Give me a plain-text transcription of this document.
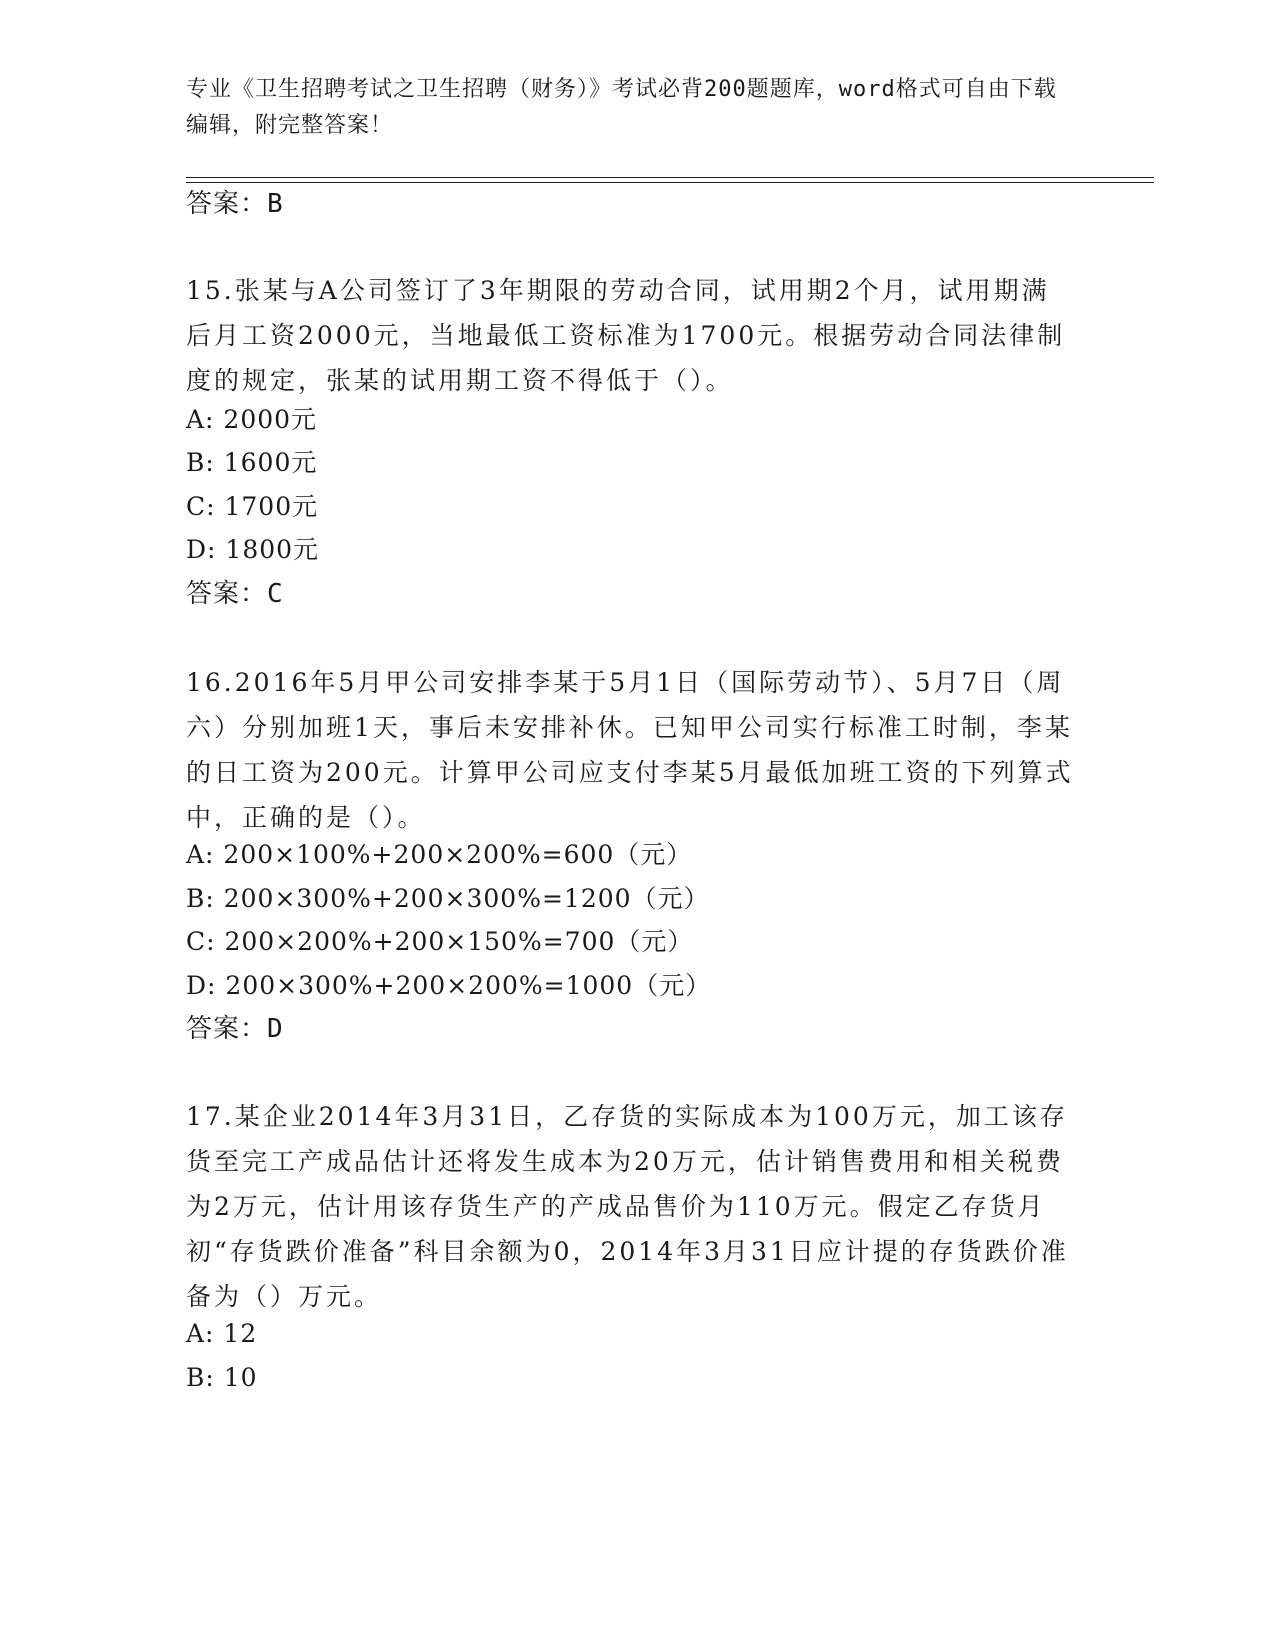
专业《卫生招聘考试之卫生招聘（财务）》考试必背200题题库，word格式可自由下载编辑，附完整答案！

答案：B

15.张某与A公司签订了3年期限的劳动合同，试用期2个月，试用期满后月工资2000元，当地最低工资标准为1700元。根据劳动合同法律制度的规定，张某的试用期工资不得低于（）。

A: 2000元

B: 1600元

C: 1700元

D: 1800元

答案：C

16.2016年5月甲公司安排李某于5月1日（国际劳动节）、5月7日（周六）分别加班1天，事后未安排补休。已知甲公司实行标准工时制，李某的日工资为200元。计算甲公司应支付李某5月最低加班工资的下列算式中，正确的是（）。

A: 200×100%+200×200%=600（元）

B: 200×300%+200×300%=1200（元）

C: 200×200%+200×150%=700（元）

D: 200×300%+200×200%=1000（元）

答案：D

17.某企业2014年3月31日，乙存货的实际成本为100万元，加工该存货至完工产成品估计还将发生成本为20万元，估计销售费用和相关税费为2万元，估计用该存货生产的产成品售价为110万元。假定乙存货月初“存货跌价准备”科目余额为0，2014年3月31日应计提的存货跌价准备为（）万元。

A: 12

B: 10
